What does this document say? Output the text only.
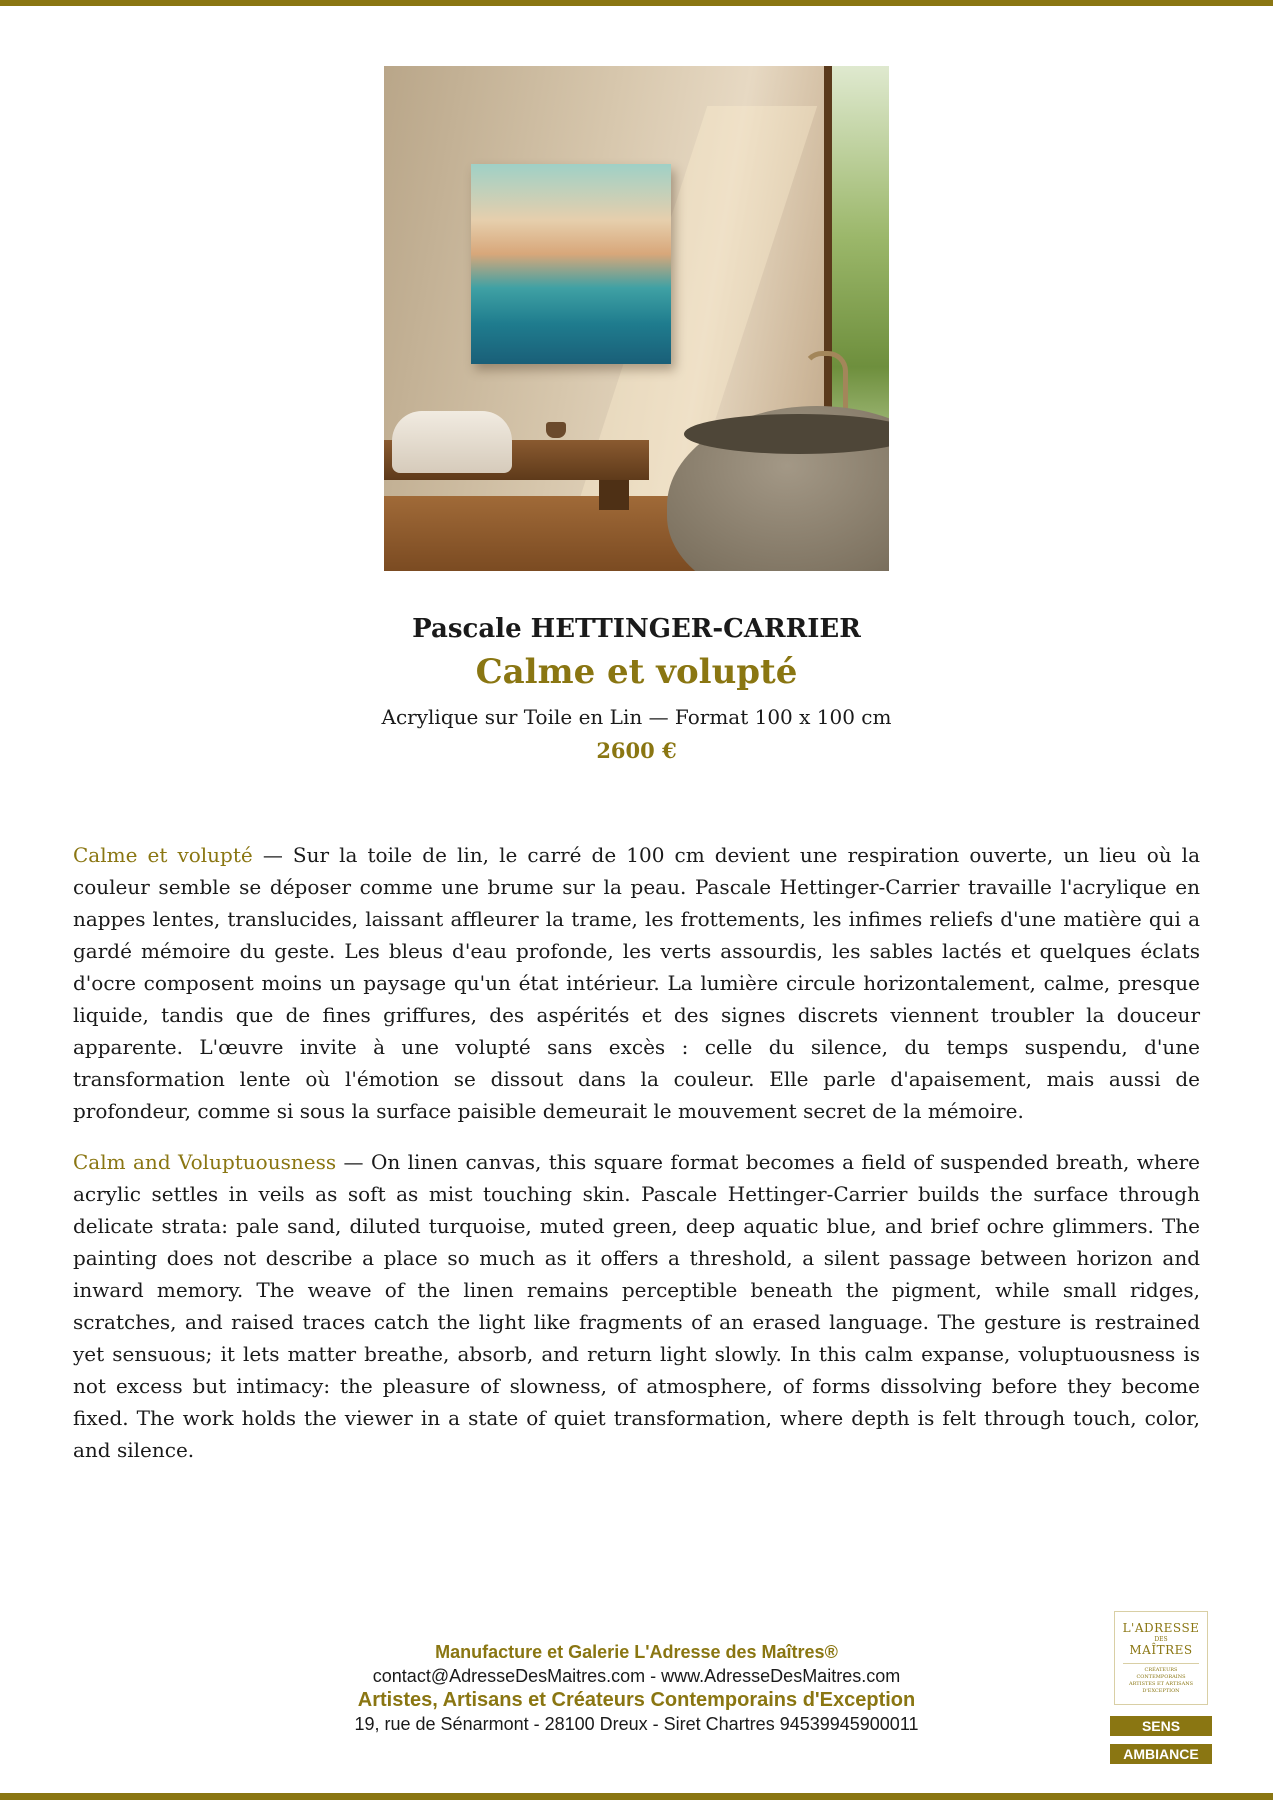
Pascale HETTINGER-CARRIER
Calme et volupté
Acrylique sur Toile en Lin — Format 100 x 100 cm
2600 €

Calme et volupté — Sur la toile de lin, le carré de 100 cm devient une respiration ouverte, un lieu où la couleur semble se déposer comme une brume sur la peau. Pascale Hettinger-Carrier travaille l'acrylique en nappes lentes, translucides, laissant affleurer la trame, les frottements, les infimes reliefs d'une matière qui a gardé mémoire du geste. Les bleus d'eau profonde, les verts assourdis, les sables lactés et quelques éclats d'ocre composent moins un paysage qu'un état intérieur. La lumière circule horizontalement, calme, presque liquide, tandis que de fines griffures, des aspérités et des signes discrets viennent troubler la douceur apparente. L'œuvre invite à une volupté sans excès : celle du silence, du temps suspendu, d'une transformation lente où l'émotion se dissout dans la couleur. Elle parle d'apaisement, mais aussi de profondeur, comme si sous la surface paisible demeurait le mouvement secret de la mémoire.

Calm and Voluptuousness — On linen canvas, this square format becomes a field of suspended breath, where acrylic settles in veils as soft as mist touching skin. Pascale Hettinger-Carrier builds the surface through delicate strata: pale sand, diluted turquoise, muted green, deep aquatic blue, and brief ochre glimmers. The painting does not describe a place so much as it offers a threshold, a silent passage between horizon and inward memory. The weave of the linen remains perceptible beneath the pigment, while small ridges, scratches, and raised traces catch the light like fragments of an erased language. The gesture is restrained yet sensuous; it lets matter breathe, absorb, and return light slowly. In this calm expanse, voluptuousness is not excess but intimacy: the pleasure of slowness, of atmosphere, of forms dissolving before they become fixed. The work holds the viewer in a state of quiet transformation, where depth is felt through touch, color, and silence.

Manufacture et Galerie L'Adresse des Maîtres®
contact@AdresseDesMaitres.com - www.AdresseDesMaitres.com
Artistes, Artisans et Créateurs Contemporains d'Exception
19, rue de Sénarmont - 28100 Dreux - Siret Chartres 94539945900011
L'ADRESSE
DES
MAÎTRES
CRÉATEURS CONTEMPORAINS ARTISTES ET ARTISANS D'EXCEPTION
SENS
AMBIANCE
